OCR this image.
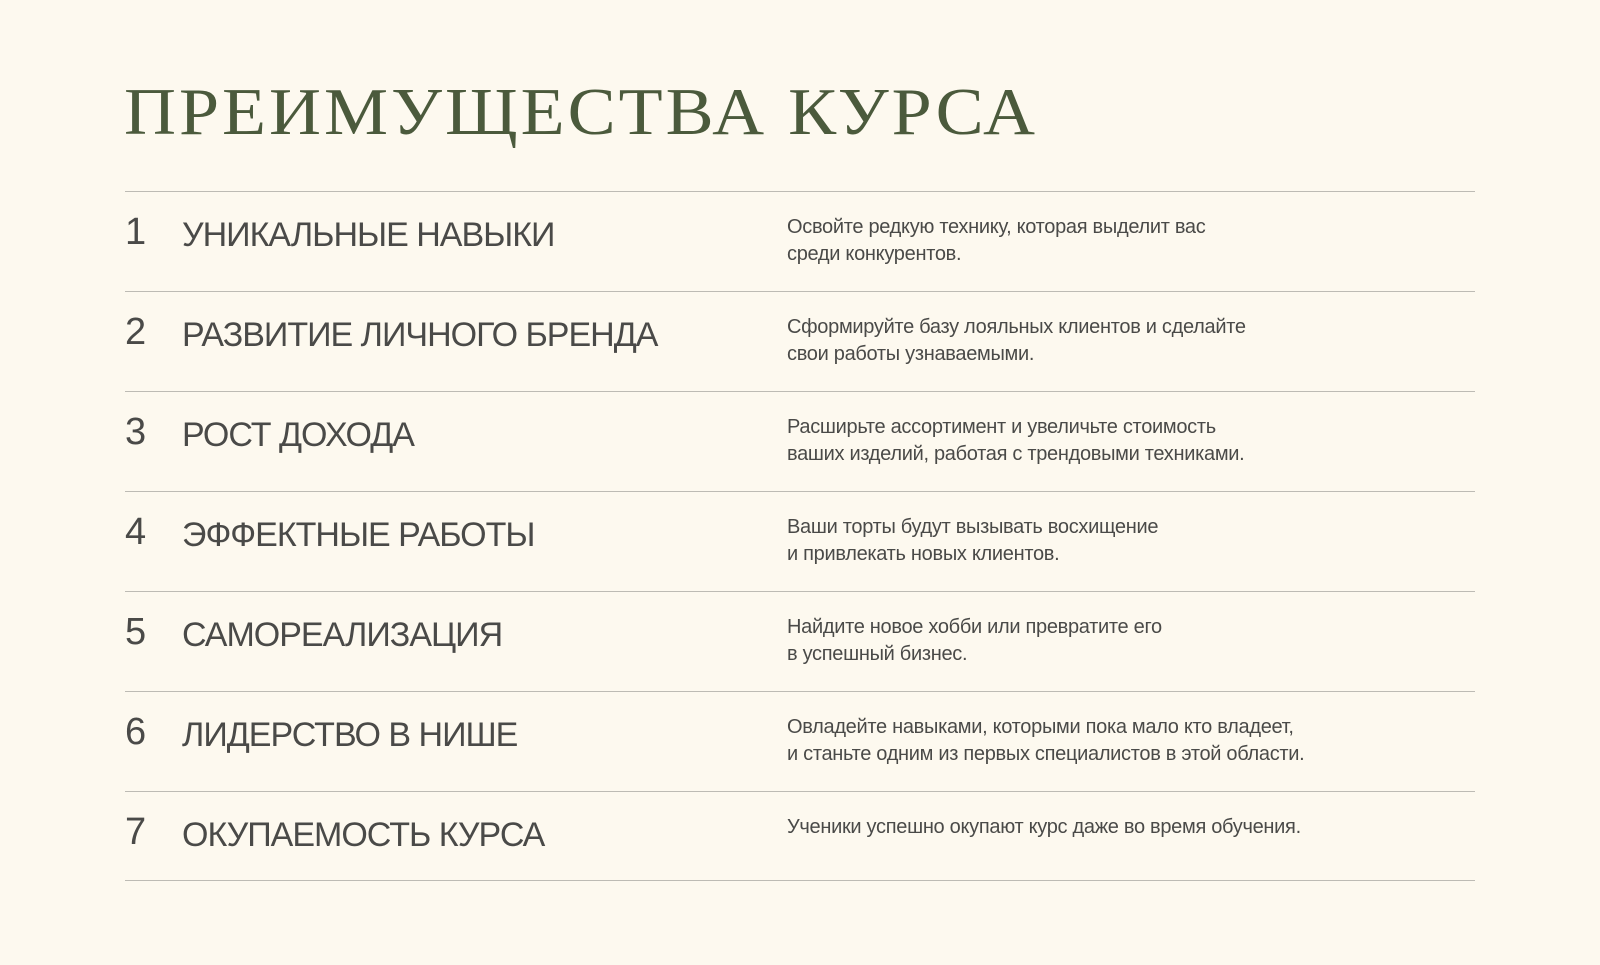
ПРЕИМУЩЕСТВА КУРСА
1 УНИКАЛЬНЫЕ НАВЫКИ	Освойте редкую технику, которая выделит вас
среди конкурентов.
2 РАЗВИТИЕ ЛИЧНОГО БРЕНДА	Сформируйте базу лояльных клиентов и сделайте
свои работы узнаваемыми.
3 РОСТ ДОХОДА	Расширьте ассортимент и увеличьте стоимость
ваших изделий, работая с трендовыми техниками.
4 ЭФФЕКТНЫЕ РАБОТЫ	Ваши торты будут вызывать восхищение
и привлекать новых клиентов.
5 САМОРЕАЛИЗАЦИЯ	Найдите новое хобби или превратите его
в успешный бизнес.
6 ЛИДЕРСТВО В НИШЕ	Овладейте навыками, которыми пока мало кто владеет,
и станьте одним из первых специалистов в этой области.
7 ОКУПАЕМОСТЬ КУРСА	Ученики успешно окупают курс даже во время обучения.
